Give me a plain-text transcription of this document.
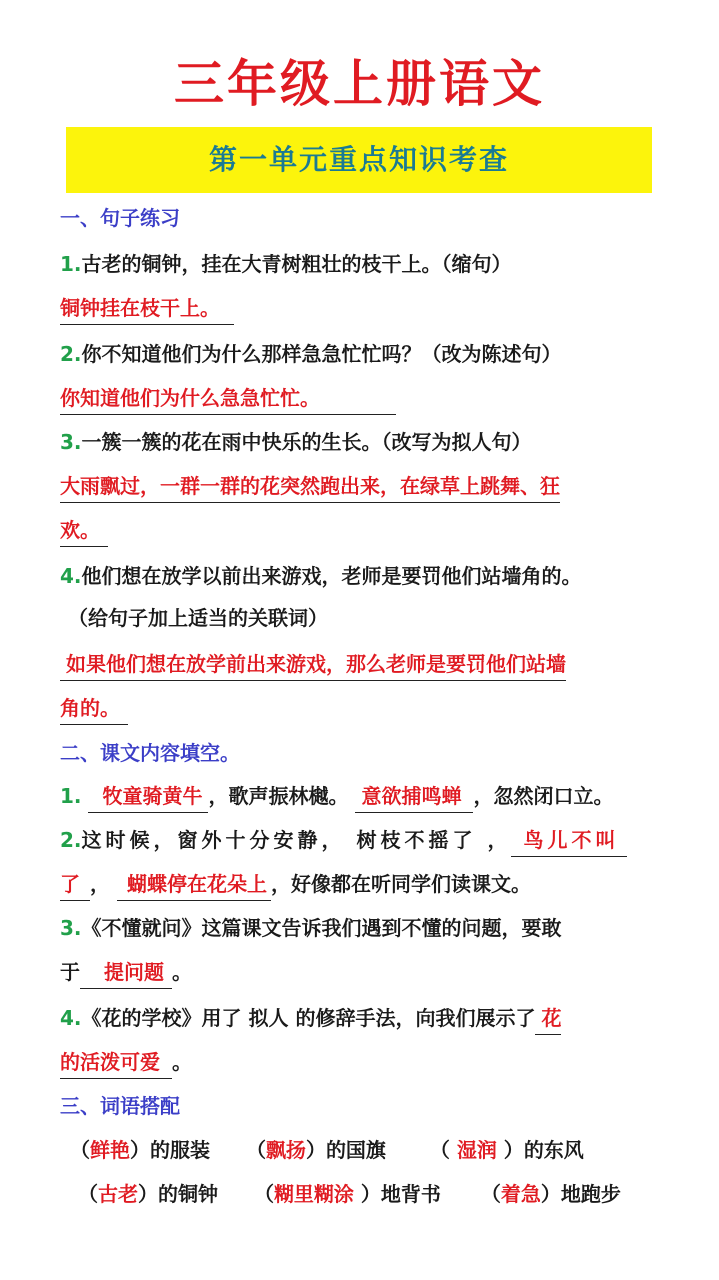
三年级上册语文
第一单元重点知识考查
一、句子练习
1.古老的铜钟，挂在大青树粗壮的枝干上。（缩句）
铜钟挂在枝干上。
2.你不知道他们为什么那样急急忙忙吗？（改为陈述句）
你知道他们为什么急急忙忙。
3.一簇一簇的花在雨中快乐的生长。（改写为拟人句）
大雨飘过，一群一群的花突然跑出来，在绿草上跳舞、狂
欢。
4.他们想在放学以前出来游戏，老师是要罚他们站墙角的。
（给句子加上适当的关联词）
如果他们想在放学前出来游戏，那么老师是要罚他们站墙
角的。
二、课文内容填空。
1. 牧童骑黄牛 ，歌声振林樾。 意欲捕鸣蝉 ，忽然闭口立。
2.这时候，窗外十分安静， 树枝不摇了 ， 鸟儿不叫
了 ， 蝴蝶停在花朵上 ，好像都在听同学们读课文。
3.《不懂就问》这篇课文告诉我们遇到不懂的问题，要敢
于 提问题 。
4.《花的学校》用了 拟人 的修辞手法，向我们展示了 花
的活泼可爱 。
三、词语搭配
（鲜艳）的服装 （飘扬）的国旗 （ 湿润 ）的东风
（古老）的铜钟 （糊里糊涂 ）地背书 （着急）地跑步
